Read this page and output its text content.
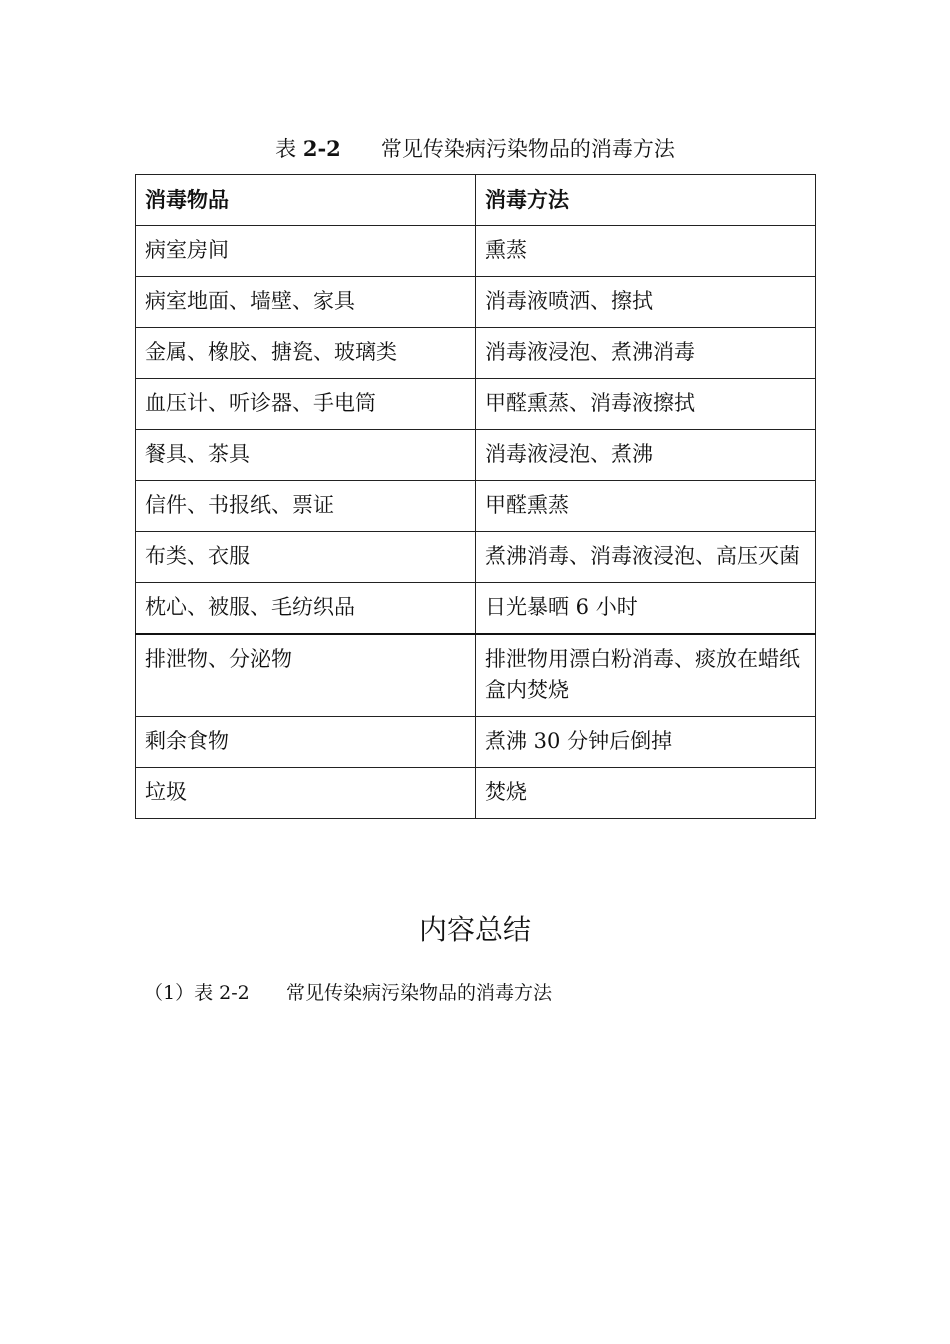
表 2-2 常见传染病污染物品的消毒方法
消毒物品	消毒方法
病室房间	熏蒸
病室地面、墙壁、家具	消毒液喷洒、擦拭
金属、橡胶、搪瓷、玻璃类	消毒液浸泡、煮沸消毒
血压计、听诊器、手电筒	甲醛熏蒸、消毒液擦拭
餐具、茶具	消毒液浸泡、煮沸
信件、书报纸、票证	甲醛熏蒸
布类、衣服	煮沸消毒、消毒液浸泡、高压灭菌
枕心、被服、毛纺织品	日光暴晒 6 小时
排泄物、分泌物	排泄物用漂白粉消毒、痰放在蜡纸盒内焚烧
剩余食物	煮沸 30 分钟后倒掉
垃圾	焚烧
内容总结
（1）表 2-2      常见传染病污染物品的消毒方法
